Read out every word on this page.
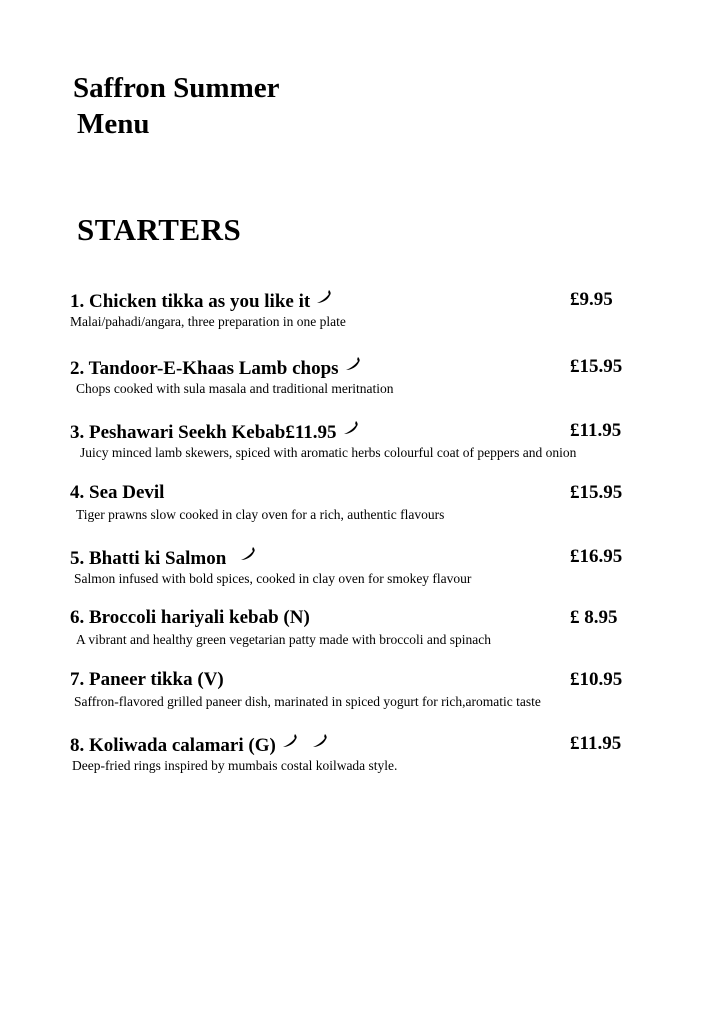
Saffron Summer
Menu
STARTERS
1. Chicken tikka as you like it	£9.95
Malai/pahadi/angara, three preparation in one plate
2. Tandoor-E-Khaas Lamb chops	£15.95
Chops cooked with sula masala and traditional meritnation
3. Peshawari Seekh Kebab£11.95	£11.95
Juicy minced lamb skewers, spiced with aromatic herbs colourful coat of peppers and onion
4. Sea Devil	£15.95
Tiger prawns slow cooked in clay oven for a rich, authentic flavours
5. Bhatti ki Salmon	£16.95
Salmon infused with bold spices, cooked in clay oven for smokey flavour
6. Broccoli hariyali kebab (N)	£ 8.95
A vibrant and healthy green vegetarian patty made with broccoli and spinach
7. Paneer tikka (V)	£10.95
Saffron-flavored grilled paneer dish, marinated in spiced yogurt for rich,aromatic taste
8. Koliwada calamari (G)	£11.95
Deep-fried rings inspired by mumbais costal koilwada style.
